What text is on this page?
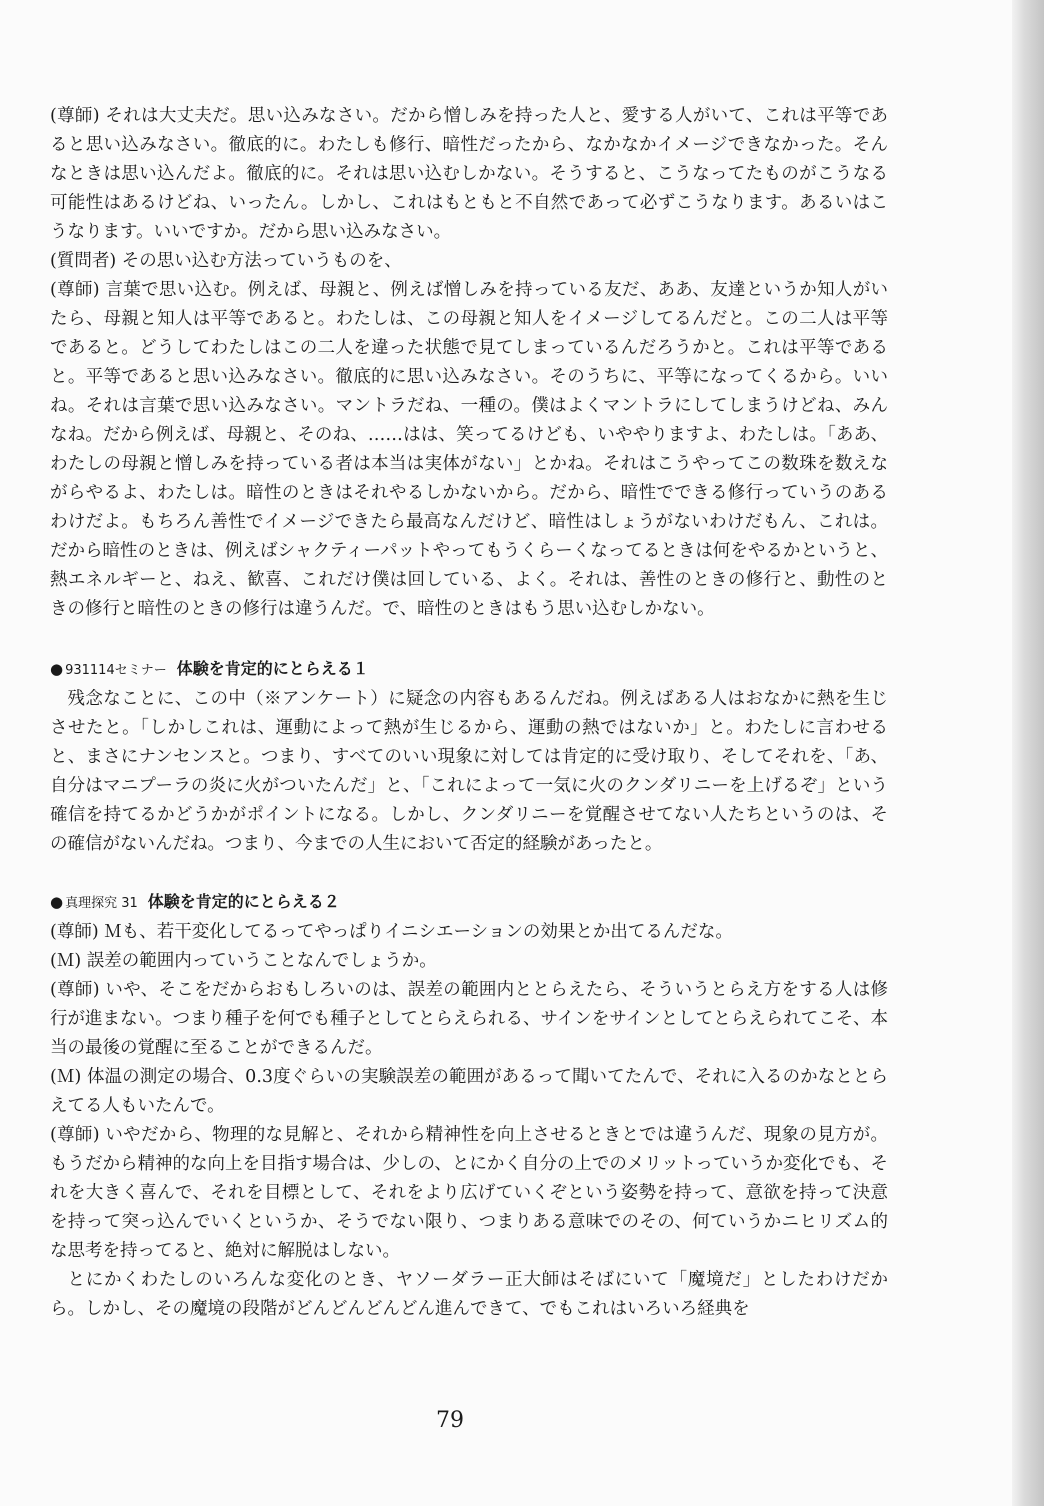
(尊師) それは大丈夫だ。思い込みなさい。だから憎しみを持った人と、愛する人がいて、これは平等であると思い込みなさい。徹底的に。わたしも修行、暗性だったから、なかなかイメージできなかった。そんなときは思い込んだよ。徹底的に。それは思い込むしかない。そうすると、こうなってたものがこうなる可能性はあるけどね、いったん。しかし、これはもともと不自然であって必ずこうなります。あるいはこうなります。いいですか。だから思い込みなさい。

(質問者) その思い込む方法っていうものを、

(尊師) 言葉で思い込む。例えば、母親と、例えば憎しみを持っている友だ、ああ、友達というか知人がいたら、母親と知人は平等であると。わたしは、この母親と知人をイメージしてるんだと。この二人は平等であると。どうしてわたしはこの二人を違った状態で見てしまっているんだろうかと。これは平等であると。平等であると思い込みなさい。徹底的に思い込みなさい。そのうちに、平等になってくるから。いいね。それは言葉で思い込みなさい。マントラだね、一種の。僕はよくマントラにしてしまうけどね、みんなね。だから例えば、母親と、そのね、……はは、笑ってるけども、いややりますよ、わたしは。「ああ、わたしの母親と憎しみを持っている者は本当は実体がない」とかね。それはこうやってこの数珠を数えながらやるよ、わたしは。暗性のときはそれやるしかないから。だから、暗性でできる修行っていうのあるわけだよ。もちろん善性でイメージできたら最高なんだけど、暗性はしょうがないわけだもん、これは。だから暗性のときは、例えばシャクティーパットやってもうくらーくなってるときは何をやるかというと、熱エネルギーと、ねえ、歓喜、これだけ僕は回している、よく。それは、善性のときの修行と、動性のときの修行と暗性のときの修行は違うんだ。で、暗性のときはもう思い込むしかない。

● 931114セミナー 体験を肯定的にとらえる１

残念なことに、この中（※アンケート）に疑念の内容もあるんだね。例えばある人はおなかに熱を生じさせたと。「しかしこれは、運動によって熱が生じるから、運動の熱ではないか」と。わたしに言わせると、まさにナンセンスと。つまり、すべてのいい現象に対しては肯定的に受け取り、そしてそれを、「あ、自分はマニプーラの炎に火がついたんだ」と、「これによって一気に火のクンダリニーを上げるぞ」という確信を持てるかどうかがポイントになる。しかし、クンダリニーを覚醒させてない人たちというのは、その確信がないんだね。つまり、今までの人生において否定的経験があったと。

● 真理探究 31 体験を肯定的にとらえる２

(尊師) Ｍも、若干変化してるってやっぱりイニシエーションの効果とか出てるんだな。

(Ｍ) 誤差の範囲内っていうことなんでしょうか。

(尊師) いや、そこをだからおもしろいのは、誤差の範囲内ととらえたら、そういうとらえ方をする人は修行が進まない。つまり種子を何でも種子としてとらえられる、サインをサインとしてとらえられてこそ、本当の最後の覚醒に至ることができるんだ。

(Ｍ) 体温の測定の場合、0.3度ぐらいの実験誤差の範囲があるって聞いてたんで、それに入るのかなととらえてる人もいたんで。

(尊師) いやだから、物理的な見解と、それから精神性を向上させるときとでは違うんだ、現象の見方が。もうだから精神的な向上を目指す場合は、少しの、とにかく自分の上でのメリットっていうか変化でも、それを大きく喜んで、それを目標として、それをより広げていくぞという姿勢を持って、意欲を持って決意を持って突っ込んでいくというか、そうでない限り、つまりある意味でのその、何ていうかニヒリズム的な思考を持ってると、絶対に解脱はしない。

とにかくわたしのいろんな変化のとき、ヤソーダラー正大師はそばにいて「魔境だ」としたわけだから。しかし、その魔境の段階がどんどんどんどん進んできて、でもこれはいろいろ経典を

79
